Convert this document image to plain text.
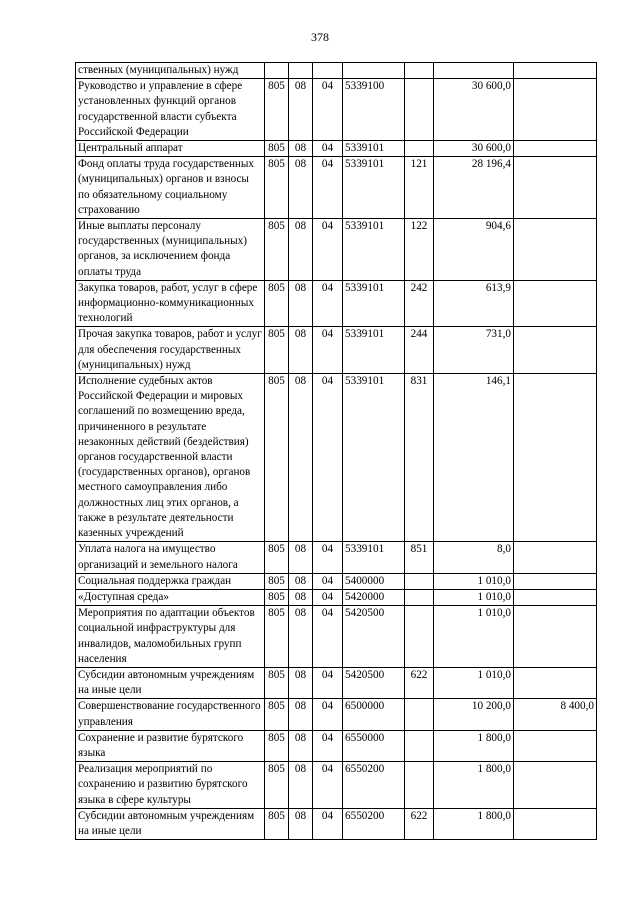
378
ственных (муниципальных) нужд							
Руководство и управление в сфере установленных функций органов государственной власти субъекта Российской Федерации	805	08	04	5339100		30 600,0	
Центральный аппарат	805	08	04	5339101		30 600,0	
Фонд оплаты труда государственных (муниципальных) органов и взносы по обязательному социальному страхованию	805	08	04	5339101	121	28 196,4	
Иные выплаты персоналу государственных (муниципальных) органов, за исключением фонда оплаты труда	805	08	04	5339101	122	904,6	
Закупка товаров, работ, услуг в сфере информационно-коммуникационных технологий	805	08	04	5339101	242	613,9	
Прочая закупка товаров, работ и услуг для обеспечения государственных (муниципальных) нужд	805	08	04	5339101	244	731,0	
Исполнение судебных актов Российской Федерации и мировых соглашений по возмещению вреда, причиненного в результате незаконных действий (бездействия) органов государственной власти (государственных органов), органов местного самоуправления либо должностных лиц этих органов, а также в результате деятельности казенных учреждений	805	08	04	5339101	831	146,1	
Уплата налога на имущество организаций и земельного налога	805	08	04	5339101	851	8,0	
Социальная поддержка граждан	805	08	04	5400000		1 010,0	
«Доступная среда»	805	08	04	5420000		1 010,0	
Мероприятия по адаптации объектов социальной инфраструктуры для инвалидов, маломобильных групп населения	805	08	04	5420500		1 010,0	
Субсидии автономным учреждениям на иные цели	805	08	04	5420500	622	1 010,0	
Совершенствование государственного управления	805	08	04	6500000		10 200,0	8 400,0
Сохранение и развитие бурятского языка	805	08	04	6550000		1 800,0	
Реализация мероприятий по сохранению и развитию бурятского языка в сфере культуры	805	08	04	6550200		1 800,0	
Субсидии автономным учреждениям на иные цели	805	08	04	6550200	622	1 800,0	
